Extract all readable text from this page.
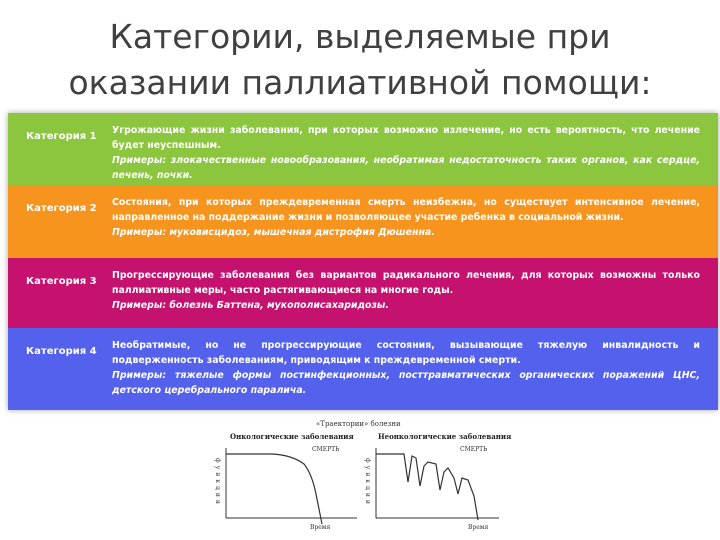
Категории, выделяемые при
оказании паллиативной помощи:
Категория 1
Угрожающие жизни заболевания, при которых возможно излечение, но есть вероятность, что лечение будет неуспешным.
Примеры: злокачественные новообразования, необратимая недостаточность таких органов, как сердце, печень, почки.
Категория 2
Состояния, при которых преждевременная смерть неизбежна, но существует интенсивное лечение, направленное на поддержание жизни и позволяющее участие ребенка в социальной жизни.
Примеры: муковисцидоз, мышечная дистрофия Дюшенна.
Категория 3
Прогрессирующие заболевания без вариантов радикального лечения, для которых возможны только паллиативные меры, часто растягивающиеся на многие годы.
Примеры: болезнь Баттена, мукополисахаридозы.
Категория 4
Необратимые, но не прогрессирующие состояния, вызывающие тяжелую инвалидность и подверженность заболеваниям, приводящим к преждевременной смерти.
Примеры: тяжелые формы постинфекционных, посттравматических органических поражений ЦНС, детского церебрального паралича.
«Траектории» болезни
Онкологические заболевания
СМЕРТЬ
функции
Время
Неонкологические заболевания
СМЕРТЬ
функции
Время
